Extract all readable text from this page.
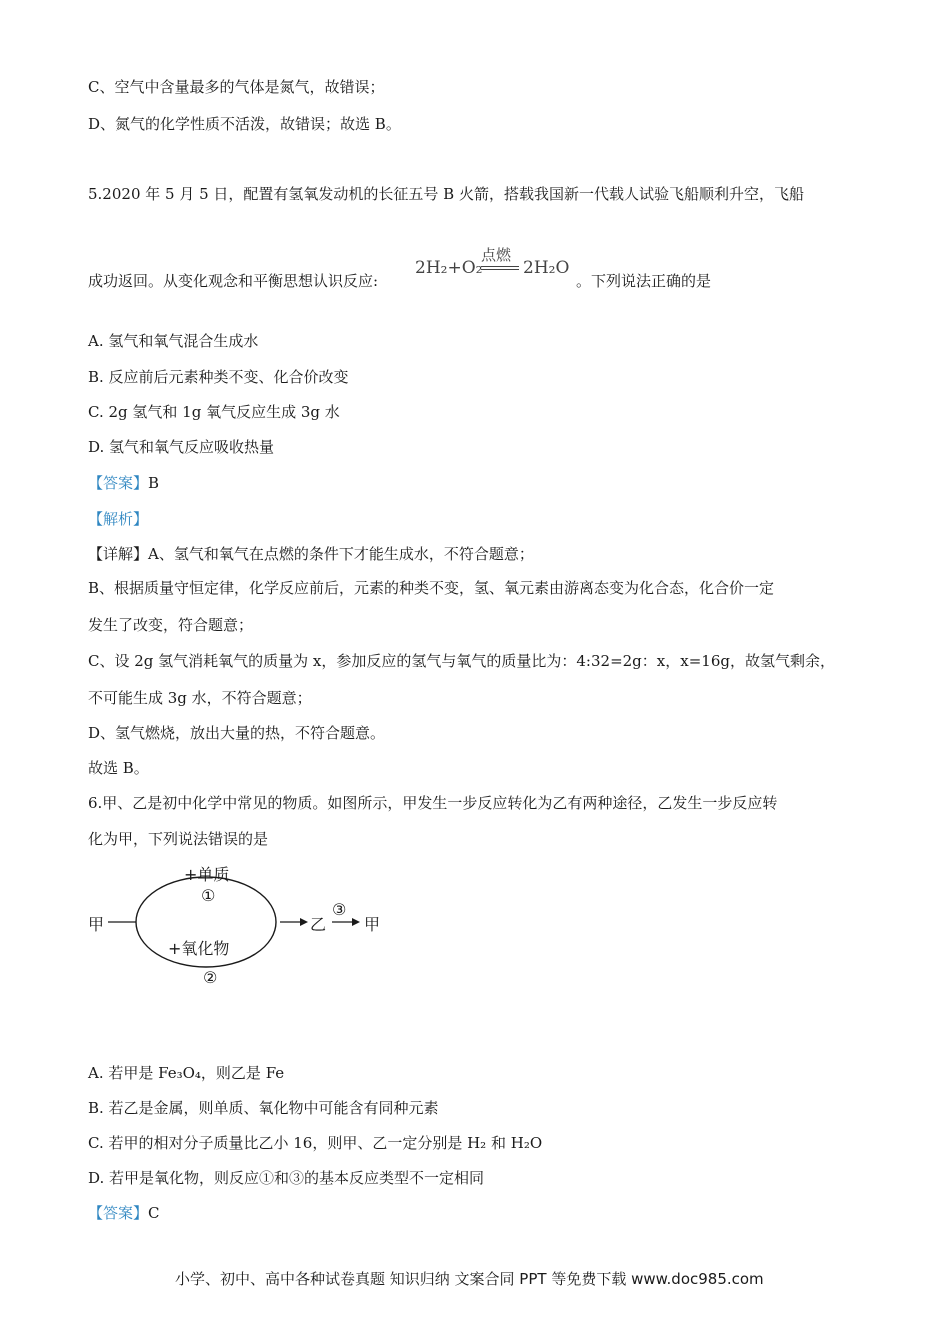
C、空气中含量最多的气体是氮气，故错误；
D、氮气的化学性质不活泼，故错误；故选 B。
5.2020 年 5 月 5 日，配置有氢氧发动机的长征五号 B 火箭，搭载我国新一代载人试验飞船顺利升空，飞船
成功返回。从变化观念和平衡思想认识反应:
2H₂+O₂
点燃
2H₂O
。下列说法正确的是
A. 氢气和氧气混合生成水
B. 反应前后元素种类不变、化合价改变
C. 2g 氢气和 1g 氧气反应生成 3g 水
D. 氢气和氧气反应吸收热量
【答案】B
【解析】
【详解】A、氢气和氧气在点燃的条件下才能生成水，不符合题意；
B、根据质量守恒定律，化学反应前后，元素的种类不变，氢、氧元素由游离态变为化合态，化合价一定
发生了改变，符合题意；
C、设 2g 氢气消耗氧气的质量为 x，参加反应的氢气与氧气的质量比为：4:32=2g：x，x=16g，故氢气剩余，
不可能生成 3g 水，不符合题意；
D、氢气燃烧，放出大量的热，不符合题意。
故选 B。
6.甲、乙是初中化学中常见的物质。如图所示，甲发生一步反应转化为乙有两种途径，乙发生一步反应转
化为甲，下列说法错误的是
甲
+单质
①
+氧化物
②
乙
③
甲
A. 若甲是 Fe₃O₄，则乙是 Fe
B. 若乙是金属，则单质、氧化物中可能含有同种元素
C. 若甲的相对分子质量比乙小 16，则甲、乙一定分别是 H₂ 和 H₂O
D. 若甲是氧化物，则反应①和③的基本反应类型不一定相同
【答案】C
小学、初中、高中各种试卷真题 知识归纳 文案合同 PPT 等免费下载 www.doc985.com
